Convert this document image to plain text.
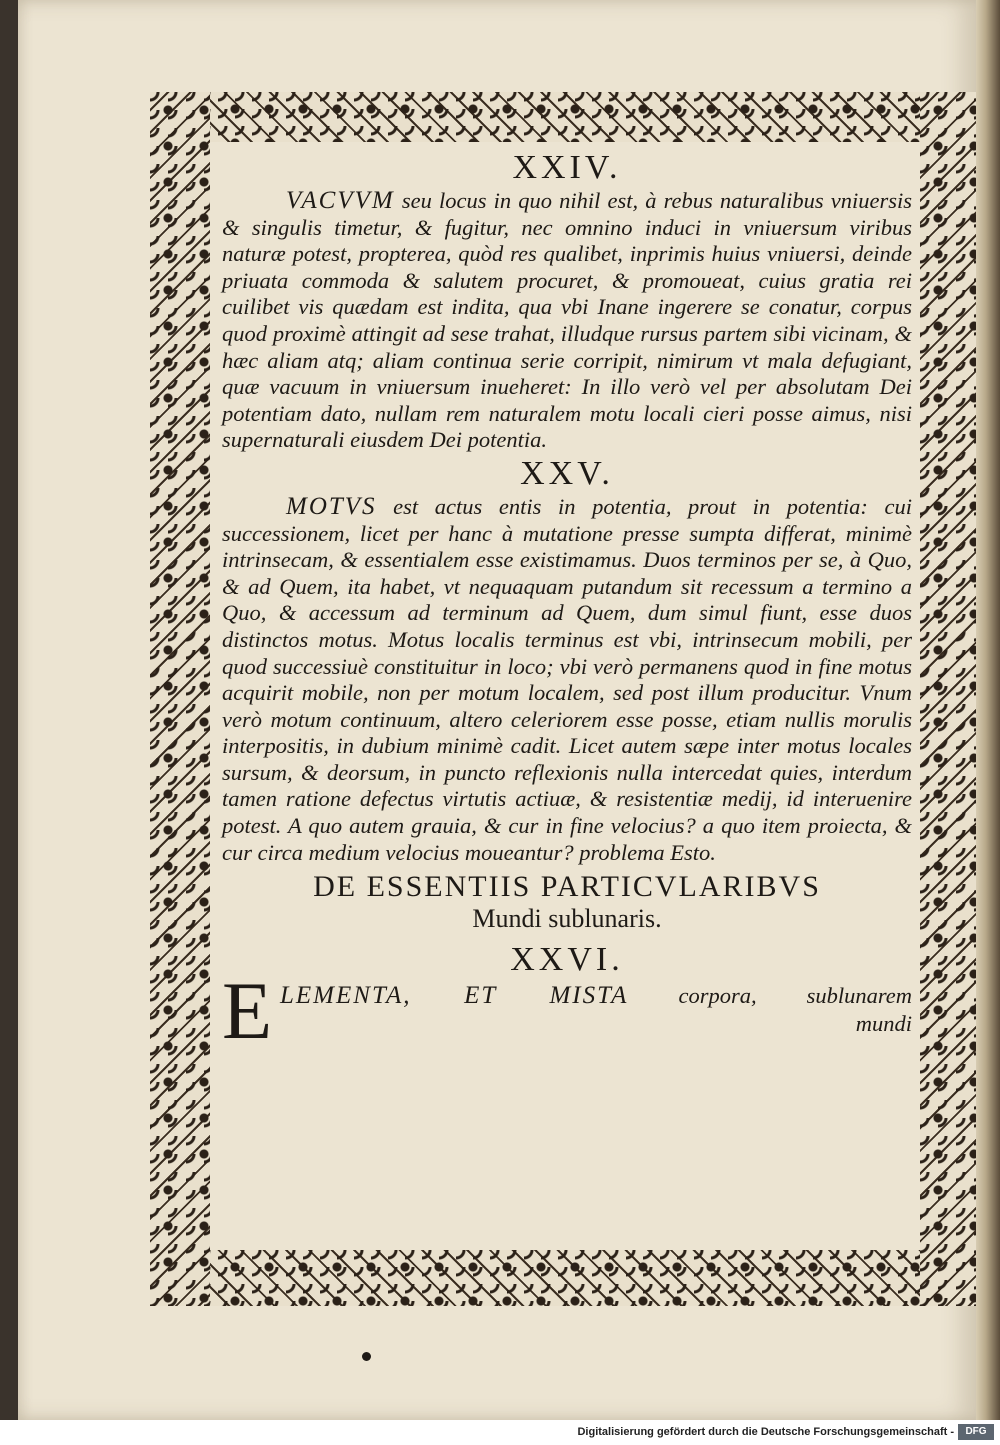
XXIV.

VACVVM seu locus in quo nihil est, à rebus naturalibus vniuersis & singulis timetur, & fugitur, nec omnino induci in vniuersum viribus naturæ potest, propterea, quòd res qualibet, inprimis huius vniuersi, deinde priuata commoda & salutem procuret, & promoueat, cuius gratia rei cuilibet vis quædam est indita, qua vbi Inane ingerere se conatur, corpus quod proximè attingit ad sese trahat, illudque rursus partem sibi vicinam, & hæc aliam atq; aliam continua serie corripit, nimirum vt mala defugiant, quæ vacuum in vniuersum inueheret: In illo verò vel per absolutam Dei potentiam dato, nullam rem naturalem motu locali cieri posse aimus, nisi supernaturali eiusdem Dei potentia.

XXV.

MOTVS est actus entis in potentia, prout in potentia: cui successionem, licet per hanc à mutatione presse sumpta differat, minimè intrinsecam, & essentialem esse existimamus. Duos terminos per se, à Quo, & ad Quem, ita habet, vt nequaquam putandum sit recessum a termino a Quo, & accessum ad terminum ad Quem, dum simul fiunt, esse duos distinctos motus. Motus localis terminus est vbi, intrinsecum mobili, per quod successiuè constituitur in loco; vbi verò permanens quod in fine motus acquirit mobile, non per motum localem, sed post illum producitur. Vnum verò motum continuum, altero celeriorem esse posse, etiam nullis morulis interpositis, in dubium minimè cadit. Licet autem sæpe inter motus locales sursum, & deorsum, in puncto reflexionis nulla intercedat quies, interdum tamen ratione defectus virtutis actiuæ, & resistentiæ medij, id interuenire potest. A quo autem grauia, & cur in fine velocius? a quo item proiecta, & cur circa medium velocius moueantur? problema Esto.

DE ESSENTIIS PARTICVLARIBVS

Mundi sublunaris.

XXVI.

E LEMENTA, ET MISTA corpora, sublunarem
mundi
Digitalisierung gefördert durch die Deutsche Forschungsgemeinschaft -	DFG
